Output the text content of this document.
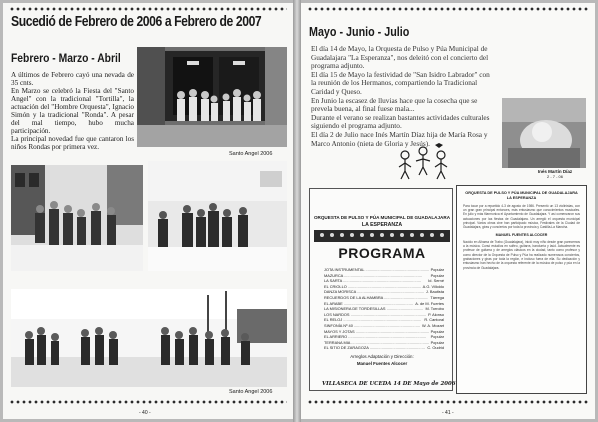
Sucedió de Febrero de 2006 a Febrero de 2007
Febrero - Marzo - Abril

A últimos de Febrero cayó una nevada de 35 cnts.

En Marzo se celebró la Fiesta del "Santo Angel" con la tradicional "Tortilla", la actuación del "Hombre Orquesta", Ignacio Simón y la tradicional "Ronda". A pesar del mal tiempo, hubo mucha participación.

La principal novedad fue que cantaron los niños Rondas por primera vez.

Santo Angel 2006
Santo Angel 2006
- 40 -
Mayo - Junio - Julio

El día 14 de Mayo, la Orquesta de Pulso y Púa Municipal de Guadalajara "La Esperanza", nos deleitó con el concierto del programa adjunto.

El día 15 de Mayo la festividad de "San Isidro Labrador" con la reunión de los Hermanos, compartiendo la Tradicional Caridad y Queso.

En Junio la escasez de lluvias hace que la cosecha que se prevela buena, al final fuese mala...

Durante el verano se realizan bastantes actividades culturales siguiendo el programa adjunto.

El día 2 de Julio nace Inés Martín Díaz hija de María Rosa y Marco Antonio (nieta de Gloria y Jesús).

Inés Martín Díaz
2 - 7 - 06
ORQUESTA DE PULSO Y PÚA MUNICIPAL DE GUADALAJARA
LA ESPERANZA
PROGRAMA
JOTA INSTRUMENTAL .....	Popular
MAZURCA .....	Popular
LA SARTA .....	Id. Serné
EL CRIOLLO .....	A.G. Villoldo
DANZA MORISCA .....	J. Bautista
RECUERDOS DE LA ALHAMBRA .....	Tárrega
EL ARABE .....	A. de M. Fuertes
LA MISIONERA DE TORDESILLAS .....	M. Torrobo
LOS NARDOS .....	P. Alonso
EL RELOJ .....	R. Cantoral
SINFONÍA Nº 40 .....	W. A. Mozart
MAYOS Y JOTAS .....	Popular
EL ARRIERO .....	Popular
TERRANA MIA .....	Popular
EL SITIO DE ZARAGOZA .....	C. Oudrid
Arreglos Adaptación y Dirección:
Manuel Fuentes Alcocer
VILLASECA DE UCEDA 14 DE Mayo de 2006
ORQUESTA DE PULSO Y PÚA MUNICIPAL DE GUADALAJARA
LA ESPERANZA
Para tocar por a repartido 4-3 de agosto de 1986. Presentó un 13 violinistas, con un gran gran principal entonces, más entusiasmo que conocimientos musicales. En julio y más filarmonica el Ayuntamiento de Guadalajara. Y así comenzaron sus actuaciones por las fiestas de Guadalajara. Un arregló el orquesta municipal principal. Varios obras cine han participado música, Festivales de la Ciudad de Guadalajara, giras y conciertos por toda la provincia y Castilla-La Mancha.
MANUEL FUENTES ALCOCER
Nacido en Alhama de Trabo (Guadalajara), inició muy niño desde gran parecemos a la música. Cursó estudios en solfeo, guitarra, bandurria y laúd. Actualmente es profesor de guitarra y de arreglos clásicos en la ciudad, tanto como profesor y como director de la Orquesta de Pulso y Púa ha realizado numerosos conciertos, grabaciones y giras por toda la región, e incluso fuera de ella. Su dedicación y entusiasmo han hecho de la orquesta referente de la música de pulso y púa en la provincia de Guadalajara.
- 41 -
